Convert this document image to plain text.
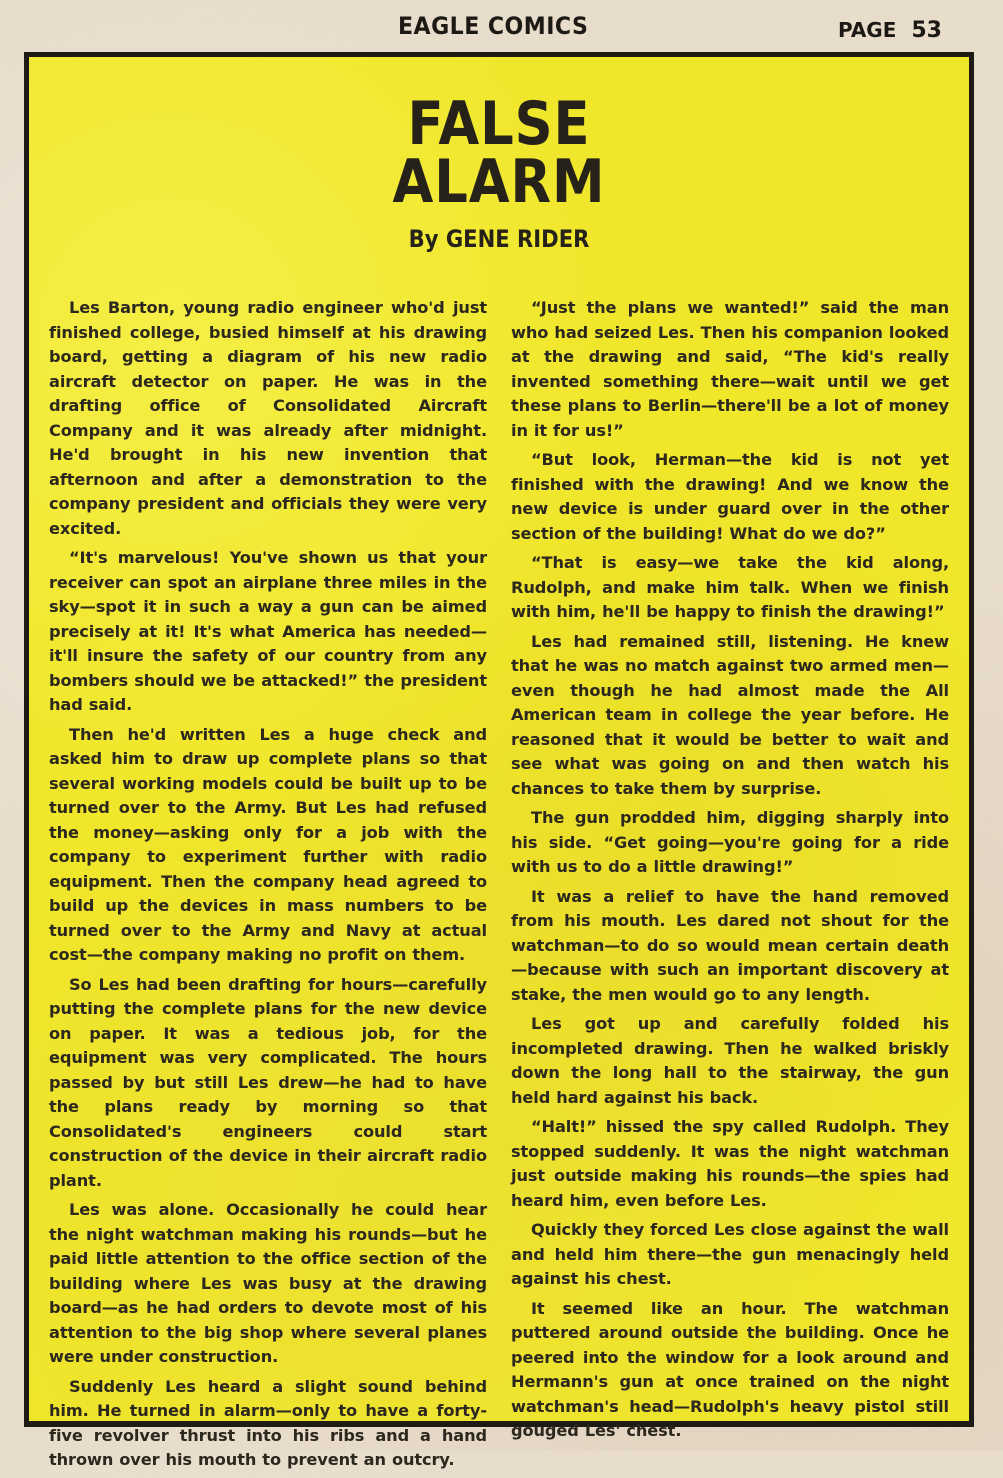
EAGLE COMICS	PAGE 53
FALSE
ALARM
By GENE RIDER

Les Barton, young radio engineer who'd just finished college, busied himself at his drawing board, getting a diagram of his new radio aircraft detector on paper. He was in the drafting office of Consolidated Aircraft Company and it was already after midnight. He'd brought in his new invention that afternoon and after a demonstration to the company president and officials they were very excited.

“It's marvelous! You've shown us that your receiver can spot an airplane three miles in the sky—spot it in such a way a gun can be aimed precisely at it! It's what America has needed—it'll insure the safety of our country from any bombers should we be attacked!” the president had said.

Then he'd written Les a huge check and asked him to draw up complete plans so that several working models could be built up to be turned over to the Army. But Les had refused the money—asking only for a job with the company to experiment further with radio equipment. Then the company head agreed to build up the devices in mass numbers to be turned over to the Army and Navy at actual cost—the company making no profit on them.

So Les had been drafting for hours—carefully putting the complete plans for the new device on paper. It was a tedious job, for the equipment was very complicated. The hours passed by but still Les drew—he had to have the plans ready by morning so that Consolidated's engineers could start construction of the device in their aircraft radio plant.

Les was alone. Occasionally he could hear the night watchman making his rounds—but he paid little attention to the office section of the building where Les was busy at the drawing board—as he had orders to devote most of his attention to the big shop where several planes were under construction.

Suddenly Les heard a slight sound behind him. He turned in alarm—only to have a forty-five revolver thrust into his ribs and a hand thrown over his mouth to prevent an outcry.

“Just the plans we wanted!” said the man who had seized Les. Then his companion looked at the drawing and said, “The kid's really invented something there—wait until we get these plans to Berlin—there'll be a lot of money in it for us!”

“But look, Herman—the kid is not yet finished with the drawing! And we know the new device is under guard over in the other section of the building! What do we do?”

“That is easy—we take the kid along, Rudolph, and make him talk. When we finish with him, he'll be happy to finish the drawing!”

Les had remained still, listening. He knew that he was no match against two armed men—even though he had almost made the All American team in college the year before. He reasoned that it would be better to wait and see what was going on and then watch his chances to take them by surprise.

The gun prodded him, digging sharply into his side. “Get going—you're going for a ride with us to do a little drawing!”

It was a relief to have the hand removed from his mouth. Les dared not shout for the watchman—to do so would mean certain death—because with such an important discovery at stake, the men would go to any length.

Les got up and carefully folded his incompleted drawing. Then he walked briskly down the long hall to the stairway, the gun held hard against his back.

“Halt!” hissed the spy called Rudolph. They stopped suddenly. It was the night watchman just outside making his rounds—the spies had heard him, even before Les.

Quickly they forced Les close against the wall and held him there—the gun menacingly held against his chest.

It seemed like an hour. The watchman puttered around outside the building. Once he peered into the window for a look around and Hermann's gun at once trained on the night watchman's head—Rudolph's heavy pistol still gouged Les' chest.
